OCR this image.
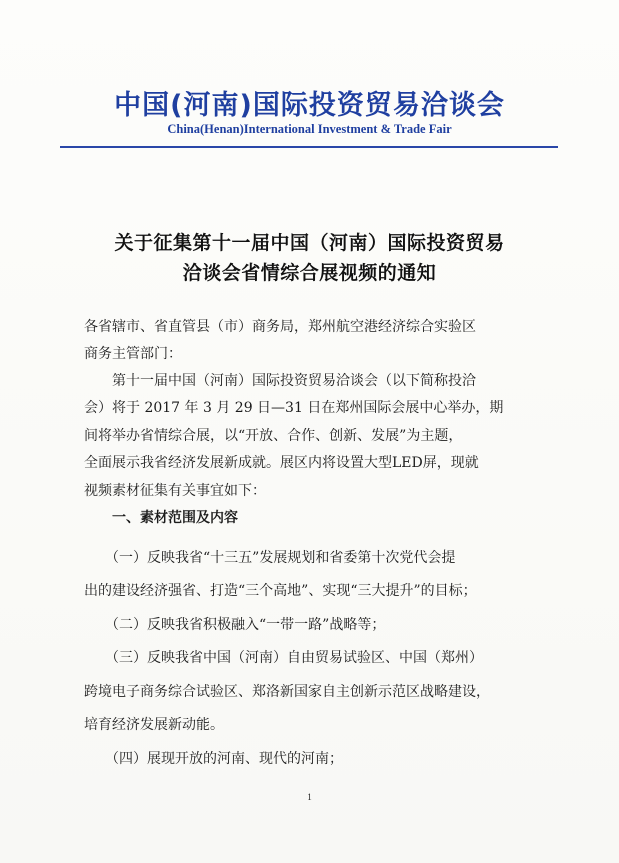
中国(河南)国际投资贸易洽谈会
China(Henan)International Investment & Trade Fair
关于征集第十一届中国（河南）国际投资贸易
洽谈会省情综合展视频的通知
各省辖市、省直管县（市）商务局，郑州航空港经济综合实验区
商务主管部门：
　　第十一届中国（河南）国际投资贸易洽谈会（以下简称投洽
会）将于 2017 年 3 月 29 日—31 日在郑州国际会展中心举办，期
间将举办省情综合展，以“开放、合作、创新、发展”为主题，
全面展示我省经济发展新成就。展区内将设置大型LED屏，现就
视频素材征集有关事宜如下：
　　一、素材范围及内容
　　（一）反映我省“十三五”发展规划和省委第十次党代会提
出的建设经济强省、打造“三个高地”、实现“三大提升”的目标；
　　（二）反映我省积极融入“一带一路”战略等；
　　（三）反映我省中国（河南）自由贸易试验区、中国（郑州）
跨境电子商务综合试验区、郑洛新国家自主创新示范区战略建设，
培育经济发展新动能。
　　（四）展现开放的河南、现代的河南；
1
